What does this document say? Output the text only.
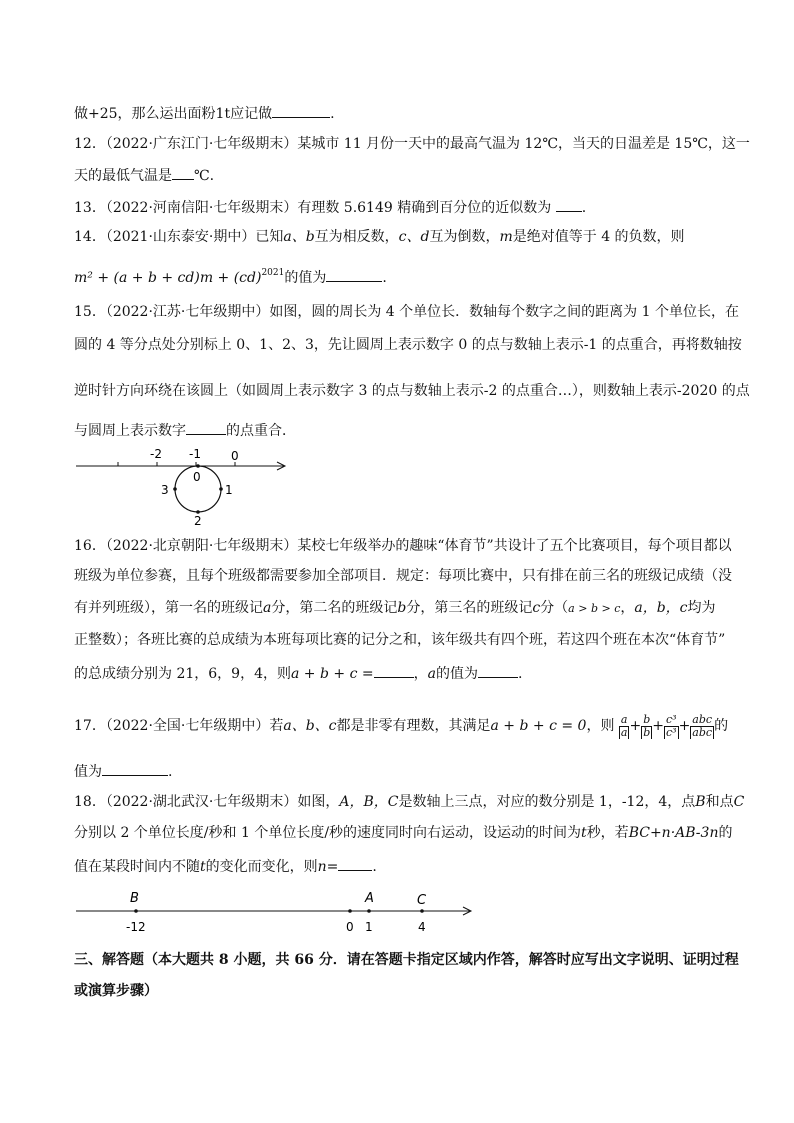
做+25，那么运出面粉1t应记做	.
12．（2022·广东江门·七年级期末）某城市 11 月份一天中的最高气温为 12℃，当天的日温差是 15℃，这一
天的最低气温是 ℃.
13．（2022·河南信阳·七年级期末）有理数 5.6149 精确到百分位的近似数为 .
14．（2021·山东泰安·期中）已知a、b互为相反数，c、d互为倒数，m是绝对值等于 4 的负数，则
m² + (a + b + cd)m + (cd)$^{2021}$的值为	.
15．（2022·江苏·七年级期中）如图，圆的周长为 4 个单位长．数轴每个数字之间的距离为 1 个单位长，在
圆的 4 等分点处分别标上 0、1、2、3，先让圆周上表示数字 0 的点与数轴上表示-1 的点重合，再将数轴按
逆时针方向环绕在该圆上（如圆周上表示数字 3 的点与数轴上表示-2 的点重合…），则数轴上表示-2020 的点
与圆周上表示数字	的点重合．
-2 -1	0
0
1
2
3
16．（2022·北京朝阳·七年级期末）某校七年级举办的趣味“体育节”共设计了五个比赛项目，每个项目都以
班级为单位参赛，且每个班级都需要参加全部项目．规定：每项比赛中，只有排在前三名的班级记成绩（没
有并列班级），第一名的班级记a分，第二名的班级记b分，第三名的班级记c分（a > b > c，a，b，c均为
正整数）；各班比赛的总成绩为本班每项比赛的记分之和，该年级共有四个班，若这四个班在本次“体育节”
的总成绩分别为 21，6，9，4，则a + b + c =	，a的值为	.
17．（2022·全国·七年级期中）若a、b、c都是非零有理数，其满足a + b + c = 0，则 $\frac{a}{a} + \frac{b}{b} + \frac{\text{c³}}{\text{c³}} + \frac{\text{abc}}{\text{abc}}$ 的
值为	.
18．（2022·湖北武汉·七年级期末）如图，A，B，C是数轴上三点，对应的数分别是 1，-12，4，点B和点C
分别以 2 个单位长度/秒和 1 个单位长度/秒的速度同时向右运动，设运动的时间为t秒，若BC+n·AB-3n的
值在某段时间内不随t的变化而变化，则n= .
B	A	C
-12	0 1	4
三、解答题（本大题共 8 小题，共 66 分．请在答题卡指定区域内作答，解答时应写出文字说明、证明过程
或演算步骤）
